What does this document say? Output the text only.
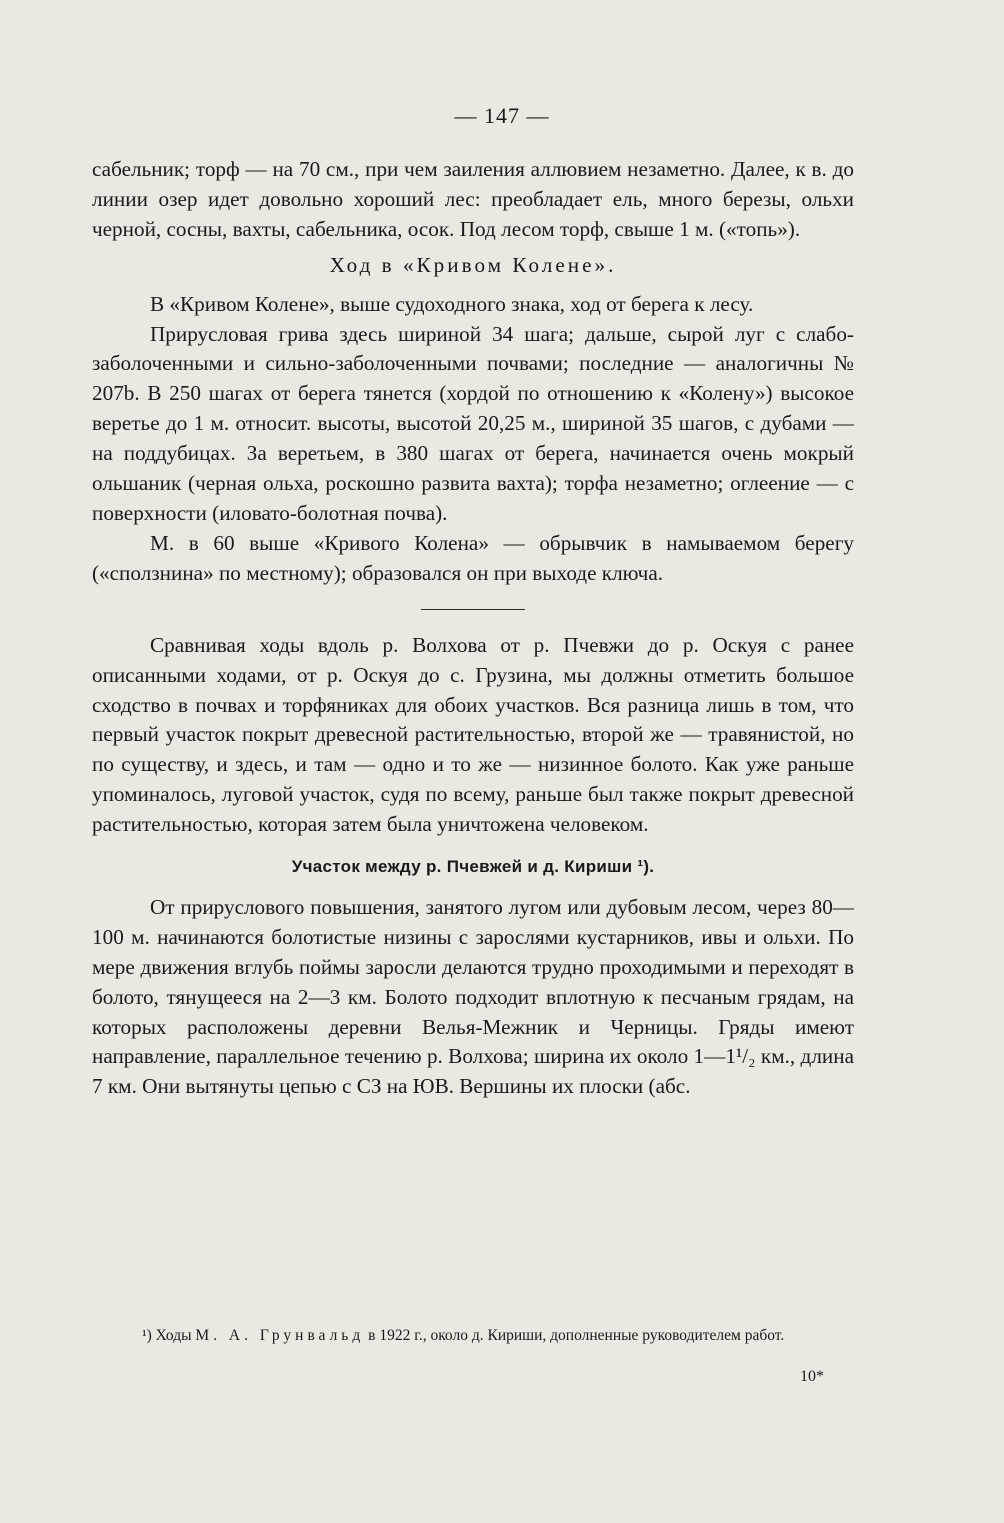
— 147 —

сабельник; торф — на 70 см., при чем заиления аллювием незаметно. Далее, к в. до линии озер идет довольно хороший лес: преобладает ель, много березы, ольхи черной, сосны, вахты, сабельника, осок. Под лесом торф, свыше 1 м. («топь»).

Ход в «Кривом Колене».

В «Кривом Колене», выше судоходного знака, ход от берега к лесу.

Прирусловая грива здесь шириной 34 шага; дальше, сырой луг с слабо-заболоченными и сильно-заболоченными почвами; последние — аналогичны № 207b. В 250 шагах от берега тянется (хордой по отношению к «Колену») высокое веретье до 1 м. относит. высоты, высотой 20,25 м., шириной 35 шагов, с дубами — на поддубицах. За веретьем, в 380 шагах от берега, начинается очень мокрый ольшаник (черная ольха, роскошно развита вахта); торфа незаметно; оглеение — с поверхности (иловато-болотная почва).

М. в 60 выше «Кривого Колена» — обрывчик в намываемом берегу («сползнина» по местному); образовался он при выходе ключа.

Сравнивая ходы вдоль р. Волхова от р. Пчевжи до р. Оскуя с ранее описанными ходами, от р. Оскуя до с. Грузина, мы должны отметить большое сходство в почвах и торфяниках для обоих участков. Вся разница лишь в том, что первый участок покрыт древесной растительностью, второй же — травянистой, но по существу, и здесь, и там — одно и то же — низинное болото. Как уже раньше упоминалось, луговой участок, судя по всему, раньше был также покрыт древесной растительностью, которая затем была уничтожена человеком.

Участок между р. Пчевжей и д. Кириши ¹).

От прируслового повышения, занятого лугом или дубовым лесом, через 80—100 м. начинаются болотистые низины с зарослями кустарников, ивы и ольхи. По мере движения вглубь поймы заросли делаются трудно проходимыми и переходят в болото, тянущееся на 2—3 км. Болото подходит вплотную к песчаным грядам, на которых расположены деревни Велья-Межник и Черницы. Гряды имеют направление, параллельное течению р. Волхова; ширина их около 1—1¹/₂ км., длина 7 км. Они вытянуты цепью с СЗ на ЮВ. Вершины их плоски (абс.

¹) Ходы М. А. Грунвальд в 1922 г., около д. Кириши, дополненные руководителем работ.

10*
